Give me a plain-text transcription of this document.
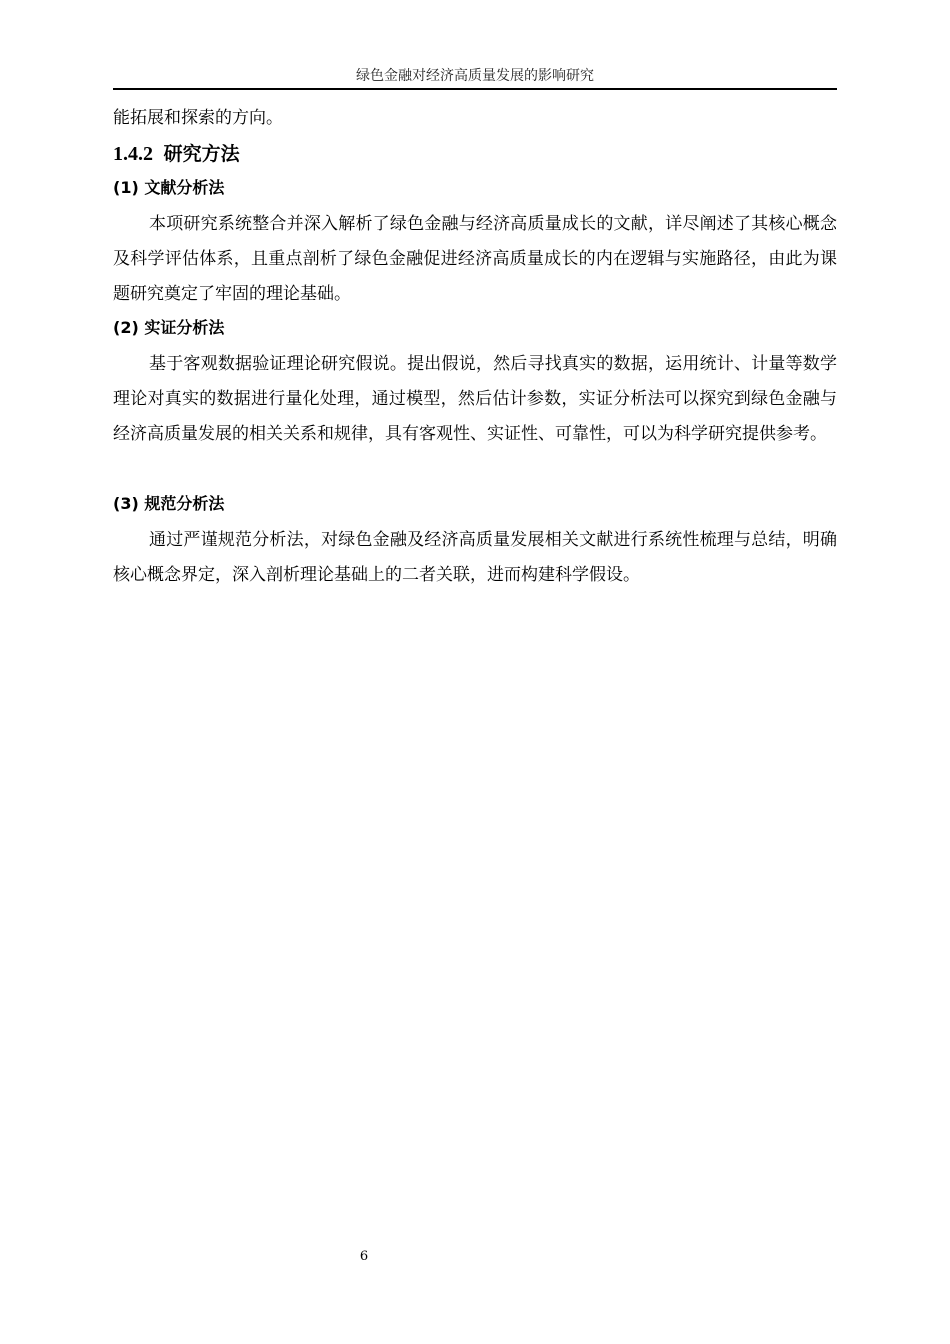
绿色金融对经济高质量发展的影响研究

能拓展和探索的方向。

1.4.2 研究方法
(1) 文献分析法

本项研究系统整合并深入解析了绿色金融与经济高质量成长的文献，详尽阐述了其核心概念及科学评估体系，且重点剖析了绿色金融促进经济高质量成长的内在逻辑与实施路径，由此为课题研究奠定了牢固的理论基础。

(2) 实证分析法

基于客观数据验证理论研究假说。提出假说，然后寻找真实的数据，运用统计、计量等数学理论对真实的数据进行量化处理，通过模型，然后估计参数，实证分析法可以探究到绿色金融与经济高质量发展的相关关系和规律，具有客观性、实证性、可靠性，可以为科学研究提供参考。

(3) 规范分析法

通过严谨规范分析法，对绿色金融及经济高质量发展相关文献进行系统性梳理与总结，明确核心概念界定，深入剖析理论基础上的二者关联，进而构建科学假设。

6
